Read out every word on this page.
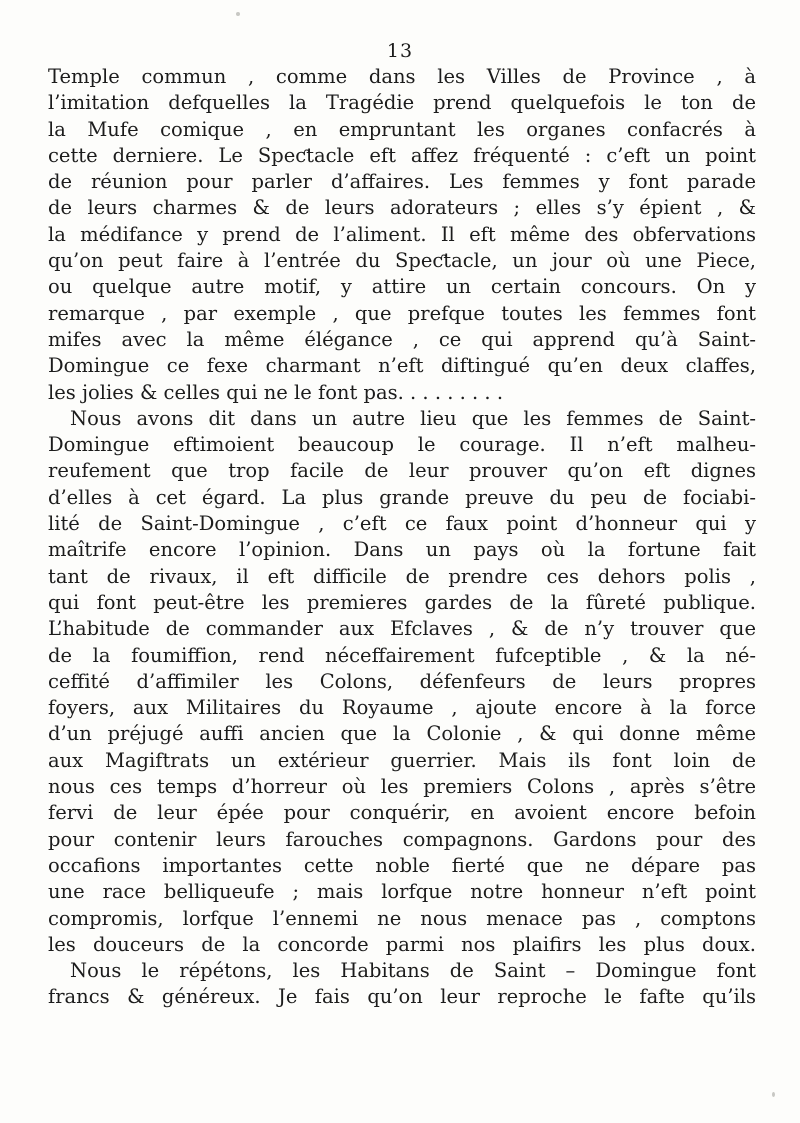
13
Temple commun , comme dans les Villes de Province , à
l’imitation defquelles la Tragédie prend quelquefois le ton de
la Mufe comique , en empruntant les organes confacrés à
cette derniere. Le Speƈtacle eft affez fréquenté : c’eft un point
de réunion pour parler d’affaires. Les femmes y font parade
de leurs charmes & de leurs adorateurs ; elles s’y épient , &
la médifance y prend de l’aliment. Il eft même des obfervations
qu’on peut faire à l’entrée du Speƈtacle, un jour où une Piece,
ou quelque autre motif, y attire un certain concours. On y
remarque , par exemple , que prefque toutes les femmes font
mifes avec la même élégance , ce qui apprend qu’à Saint-
Domingue ce fexe charmant n’eft diftingué qu’en deux claffes,
les jolies & celles qui ne le font pas. . . . . . . . .
Nous avons dit dans un autre lieu que les femmes de Saint-
Domingue eftimoient beaucoup le courage. Il n’eft malheu-
reufement que trop facile de leur prouver qu’on eft dignes
d’elles à cet égard. La plus grande preuve du peu de fociabi-
lité de Saint-Domingue , c’eft ce faux point d’honneur qui y
maîtrife encore l’opinion. Dans un pays où la fortune fait
tant de rivaux, il eft difficile de prendre ces dehors polis ,
qui font peut-être les premieres gardes de la fûreté publique.
L’habitude de commander aux Efclaves , & de n’y trouver que
de la foumiffion, rend néceffairement fufceptible , & la né-
ceffité d’affimiler les Colons, défenfeurs de leurs propres
foyers, aux Militaires du Royaume , ajoute encore à la force
d’un préjugé auffi ancien que la Colonie , & qui donne même
aux Magiftrats un extérieur guerrier. Mais ils font loin de
nous ces temps d’horreur où les premiers Colons , après s’être
fervi de leur épée pour conquérir, en avoient encore befoin
pour contenir leurs farouches compagnons. Gardons pour des
occafions importantes cette noble fierté que ne dépare pas
une race belliqueufe ; mais lorfque notre honneur n’eft point
compromis, lorfque l’ennemi ne nous menace pas , comptons
les douceurs de la concorde parmi nos plaifirs les plus doux.
Nous le répétons, les Habitans de Saint – Domingue font
francs & généreux. Je fais qu’on leur reproche le fafte qu’ils
